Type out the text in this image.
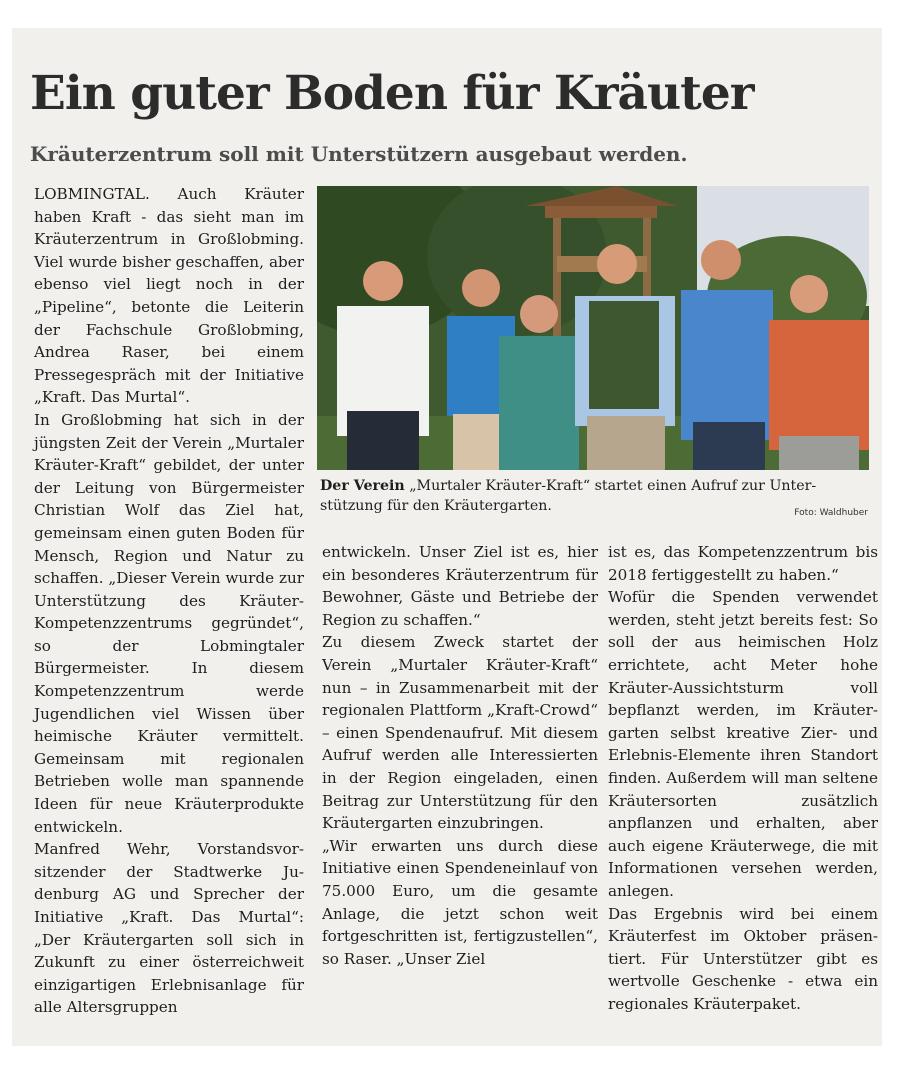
Ein guter Boden für Kräuter
Kräuterzentrum soll mit Unterstützern ausgebaut werden.

LOBMINGTAL. Auch Kräuter haben Kraft - das sieht man im Kräuterzentrum in Großlobming. Viel wurde bisher geschaffen, aber ebenso viel liegt noch in der „Pipeline“, betonte die Leiterin der Fachschule Großlobming, Andrea Raser, bei einem Pressegespräch mit der Initiative „Kraft. Das Murtal“.

In Großlobming hat sich in der jüngsten Zeit der Verein „Murtaler Kräuter-Kraft“ gebildet, der unter der Leitung von Bürgermeister Christian Wolf das Ziel hat, gemeinsam einen guten Boden für Mensch, Region und Natur zu schaffen. „Dieser Verein wurde zur Unterstützung des Kräuter-Kompetenzzentrums gegründet“, so der Lobmingtaler Bürgermeister. In diesem Kompetenzzentrum werde Jugendlichen viel Wissen über heimische Kräuter vermittelt. Gemeinsam mit regionalen Betrieben wolle man spannende Ideen für neue Kräuterprodukte entwickeln.

Manfred Wehr, Vorstandsvorsitzender der Stadtwerke Judenburg AG und Sprecher der Initiative „Kraft. Das Murtal“: „Der Kräutergarten soll sich in Zukunft zu einer österreichweit einzigartigen Erlebnisanlage für alle Altersgruppen

Der Verein „Murtaler Kräuter-Kraft“ startet einen Aufruf zur Unterstützung für den Kräutergarten.	Foto: Waldhuber

entwickeln. Unser Ziel ist es, hier ein besonderes Kräuterzentrum für Bewohner, Gäste und Betriebe der Region zu schaffen.“

Zu diesem Zweck startet der Verein „Murtaler Kräuter-Kraft“ nun – in Zusammenarbeit mit der regionalen Plattform „Kraft-Crowd“ – einen Spendenaufruf. Mit diesem Aufruf werden alle Interessierten in der Region eingeladen, einen Beitrag zur Unterstützung für den Kräutergarten einzubringen.

„Wir erwarten uns durch diese Initiative einen Spendeneinlauf von 75.000 Euro, um die gesamte Anlage, die jetzt schon weit fortgeschritten ist, fertigzustellen“, so Raser. „Unser Ziel

ist es, das Kompetenzzentrum bis 2018 fertiggestellt zu haben.“

Wofür die Spenden verwendet werden, steht jetzt bereits fest: So soll der aus heimischen Holz errichtete, acht Meter hohe Kräuter-Aussichtsturm voll bepflanzt werden, im Kräutergarten selbst kreative Zier- und Erlebnis-Elemente ihren Standort finden. Außerdem will man seltene Kräutersorten zusätzlich anpflanzen und erhalten, aber auch eigene Kräuterwege, die mit Informationen versehen werden, anlegen.

Das Ergebnis wird bei einem Kräuterfest im Oktober präsentiert. Für Unterstützer gibt es wertvolle Geschenke - etwa ein regionales Kräuterpaket.
